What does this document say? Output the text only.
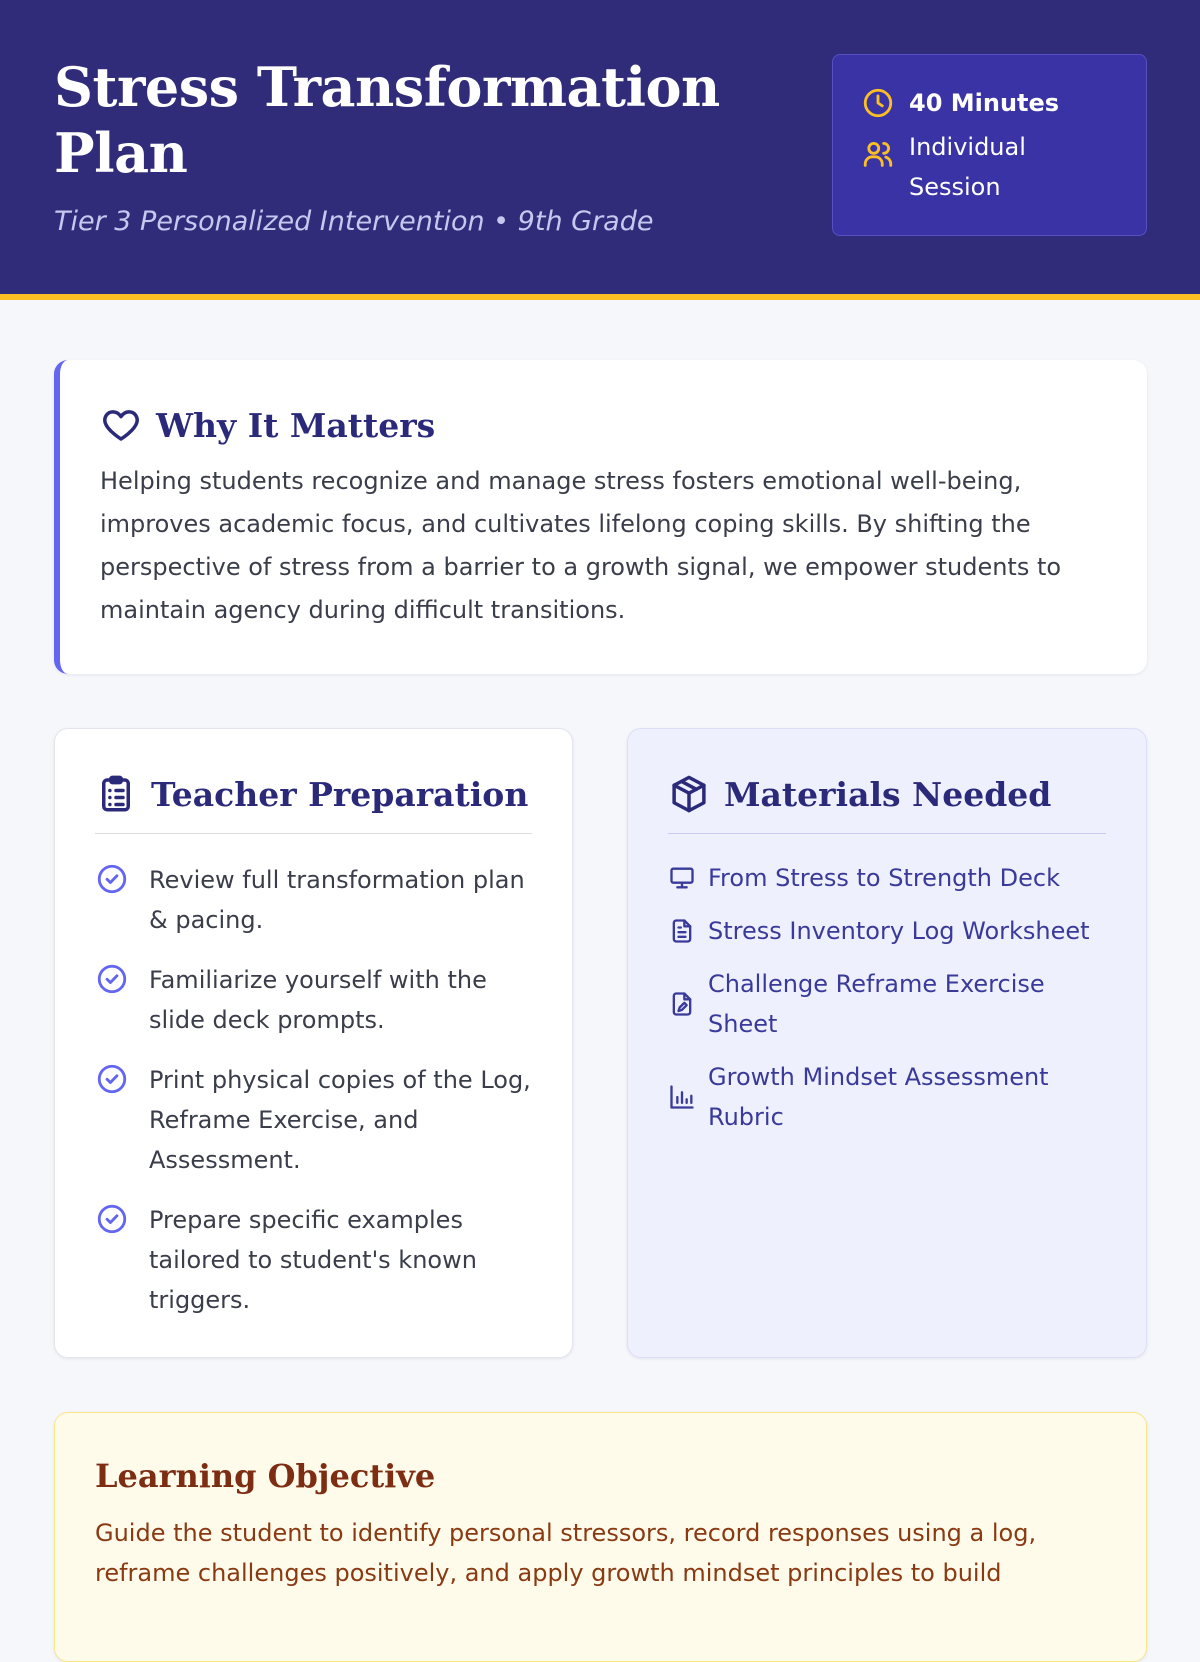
Stress Transformation Plan
Tier 3 Personalized Intervention • 9th Grade
40 Minutes
Individual Session
Why It Matters

Helping students recognize and manage stress fosters emotional well-being, improves academic focus, and cultivates lifelong coping skills. By shifting the perspective of stress from a barrier to a growth signal, we empower students to maintain agency during difficult transitions.

Teacher Preparation
Review full transformation plan & pacing.
Familiarize yourself with the slide deck prompts.
Print physical copies of the Log, Reframe Exercise, and Assessment.
Prepare specific examples tailored to student's known triggers.
Materials Needed
From Stress to Strength Deck
Stress Inventory Log Worksheet
Challenge Reframe Exercise Sheet
Growth Mindset Assessment Rubric
Learning Objective

Guide the student to identify personal stressors, record responses using a log, reframe challenges positively, and apply growth mindset principles to build
